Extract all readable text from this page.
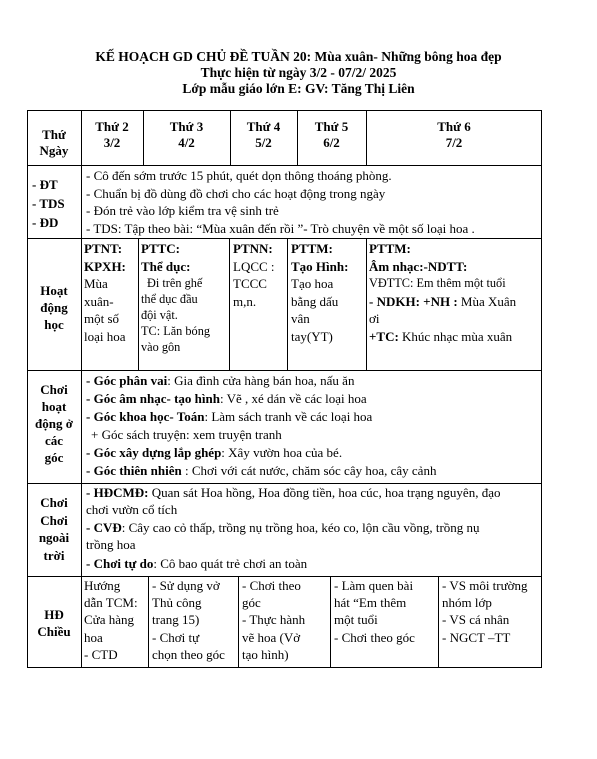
KẾ HOẠCH GD CHỦ ĐỀ TUẦN 20: Mùa xuân- Những bông hoa đẹp
Thực hiện từ ngày 3/2 - 07/2/ 2025
Lớp mẫu giáo lớn E: GV: Tăng Thị Liên
Thứ
Ngày
Thứ 2
3/2
Thứ 3
4/2
Thứ 4
5/2
Thứ 5
6/2
Thứ 6
7/2
- ĐT
- TDS
- ĐD
- Cô đến sớm trước 15 phút, quét dọn thông thoáng phòng.
- Chuẩn bị đồ dùng đồ chơi cho các hoạt động trong ngày
- Đón trẻ vào lớp kiểm tra vệ sinh trẻ
- TDS: Tập theo bài: “Mùa xuân đến rồi ”- Trò chuyện về một số loại hoa .
Hoạt
động
học
PTNT:
KPXH:
Mùa
xuân-
một số
loại hoa
PTTC:
Thể dục:
Đi trên ghế
thể dục đầu
đội vật.
TC: Lăn bóng
vào gôn
PTNN:
LQCC :
TCCC
m,n.
PTTM:
Tạo Hình:
Tạo hoa
bằng dấu
vân
tay(YT)
PTTM:
Âm nhạc:-NDTT:
VĐTTC: Em thêm một tuổi
- NDKH: +NH : Mùa Xuân
ơi
+TC: Khúc nhạc mùa xuân
Chơi
hoạt
động ở
các
góc
- Góc phân vai: Gia đình cửa hàng bán hoa, nấu ăn
- Góc âm nhạc- tạo hình: Vẽ , xé dán về các loại hoa
- Góc khoa học- Toán: Làm sách tranh về các loại hoa
+ Góc sách truyện: xem truyện tranh
- Góc xây dựng lắp ghép: Xây vườn hoa của bé.
- Góc thiên nhiên : Chơi với cát nước, chăm sóc cây hoa, cây cảnh
Chơi
Chơi
ngoài
trời
- HĐCMĐ: Quan sát Hoa hồng, Hoa đồng tiền, hoa cúc, hoa trạng nguyên, đạo
chơi vườn cổ tích
- CVĐ: Cây cao cỏ thấp, trồng nụ trồng hoa, kéo co, lộn cầu vồng, trồng nụ
trồng hoa
- Chơi tự do: Cô bao quát trẻ chơi an toàn
HĐ
Chiều
Hướng
dẫn TCM:
Cửa hàng
hoa
- CTD
- Sử dụng vở
Thủ công
trang 15)
- Chơi tự
chọn theo góc
- Chơi theo
góc
- Thực hành
vẽ hoa (Vở
tạo hình)
- Làm quen bài
hát “Em thêm
một tuổi
- Chơi theo góc
- VS môi trường
nhóm lớp
- VS cá nhân
- NGCT –TT
